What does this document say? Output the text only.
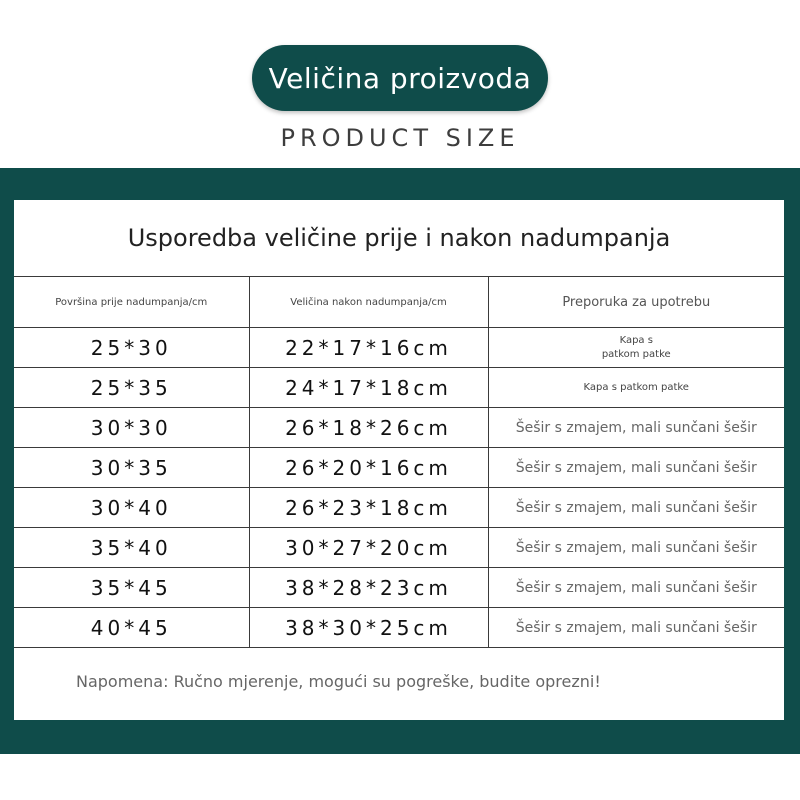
Veličina proizvoda
PRODUCT SIZE
Usporedba veličine prije i nakon nadumpanja
Površina prije nadumpanja/cm	Veličina nakon nadumpanja/cm	Preporuka za upotrebu
25*30	22*17*16cm	Kapa s
patkom patke
25*35	24*17*18cm	Kapa s patkom patke
30*30	26*18*26cm	Šešir s zmajem, mali sunčani šešir
30*35	26*20*16cm	Šešir s zmajem, mali sunčani šešir
30*40	26*23*18cm	Šešir s zmajem, mali sunčani šešir
35*40	30*27*20cm	Šešir s zmajem, mali sunčani šešir
35*45	38*28*23cm	Šešir s zmajem, mali sunčani šešir
40*45	38*30*25cm	Šešir s zmajem, mali sunčani šešir
Napomena: Ručno mjerenje, mogući su pogreške, budite oprezni!
